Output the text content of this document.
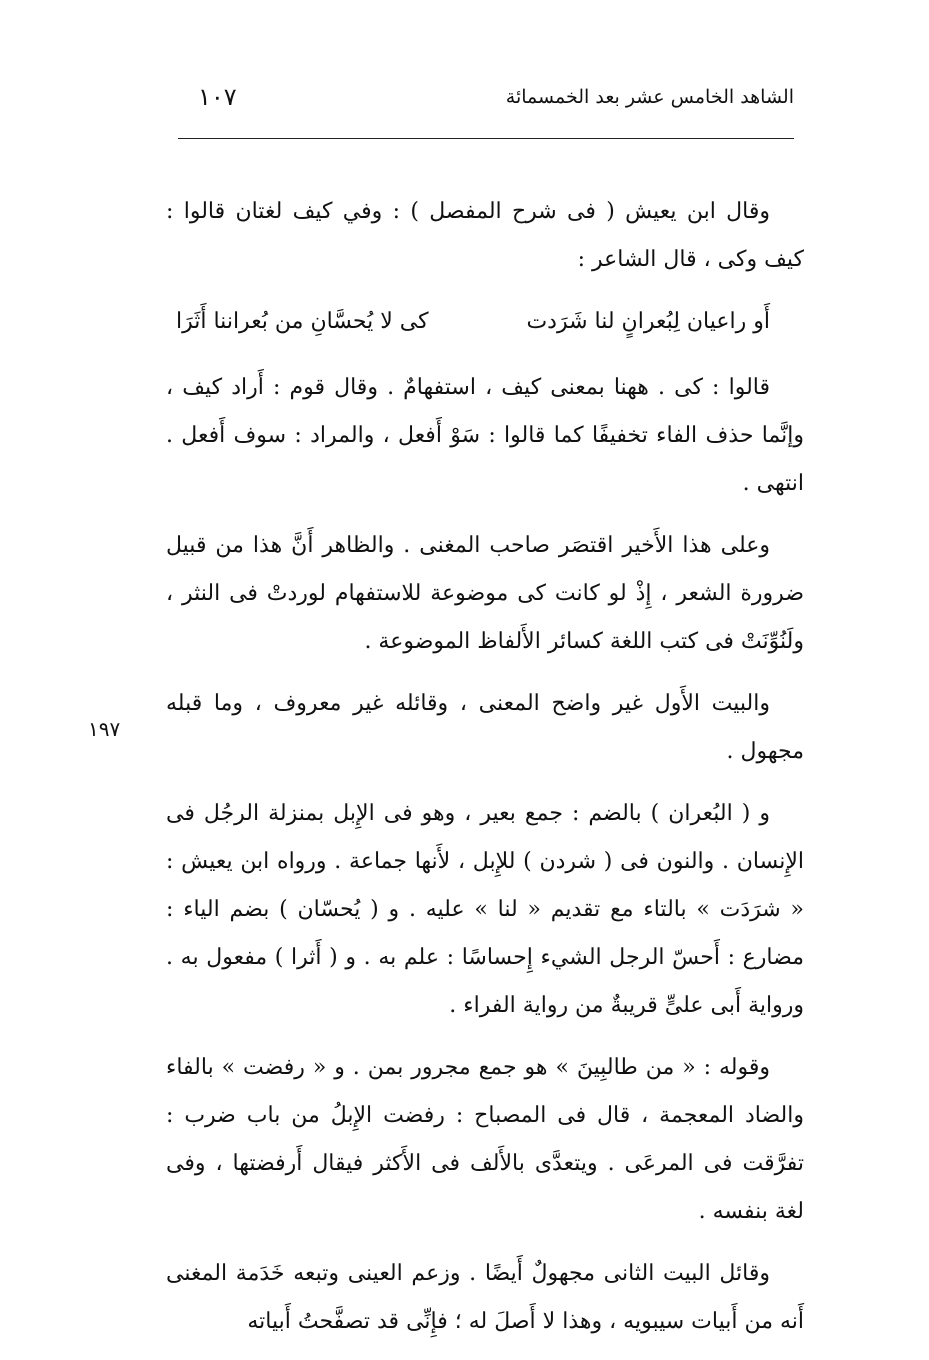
الشاهد الخامس عشر بعد الخمسمائة
١٠٧
١٩٧

وقال ابن يعيش ( فى شرح المفصل ) : وفي كيف لغتان قالوا : كيف وكى ، قال الشاعر :

أَو راعيان لِبُعرانٍ لنا شَرَدت
كى لا يُحسَّانِ من بُعراننا أَثَرَا

قالوا : كى . ههنا بمعنى كيف ، استفهامٌ . وقال قوم : أَراد كيف ، وإنَّما حذف الفاء تخفيفًا كما قالوا : سَوْ أَفعل ، والمراد : سوف أَفعل . انتهى .

وعلى هذا الأَخير اقتصَر صاحب المغنى . والظاهر أَنَّ هذا من قبيل ضرورة الشعر ، إِذْ لو كانت كى موضوعة للاستفهام لوردتْ فى النثر ، ولَنُوِّنَتْ فى كتب اللغة كسائر الأَلفاظ الموضوعة .

والبيت الأَول غير واضح المعنى ، وقائله غير معروف ، وما قبله مجهول .

و ( البُعران ) بالضم : جمع بعير ، وهو فى الإِبل بمنزلة الرجُل فى الإِنسان . والنون فى ( شردن ) للإِبل ، لأَنها جماعة . ورواه ابن يعيش : « شرَدَت » بالتاء مع تقديم « لنا » عليه . و ( يُحسّان ) بضم الياء : مضارع : أَحسّ الرجل الشيء إِحساسًا : علم به . و ( أَثرا ) مفعول به . ورواية أَبى علىٍّ قريبةٌ من رواية الفراء .

وقوله : « من طالبِينَ » هو جمع مجرور بمن . و « رفضت » بالفاء والضاد المعجمة ، قال فى المصباح : رفضت الإِبلُ من باب ضرب : تفرَّقت فى المرعَى . ويتعدَّى بالأَلف فى الأَكثر فيقال أَرفضتها ، وفى لغة بنفسه .

وقائل البيت الثانى مجهولٌ أَيضًا . وزعم العينى وتبعه خَدَمة المغنى أَنه من أَبيات سيبويه ، وهذا لا أَصلَ له ؛ فإِنِّى قد تصفَّحتُ أَبياته
